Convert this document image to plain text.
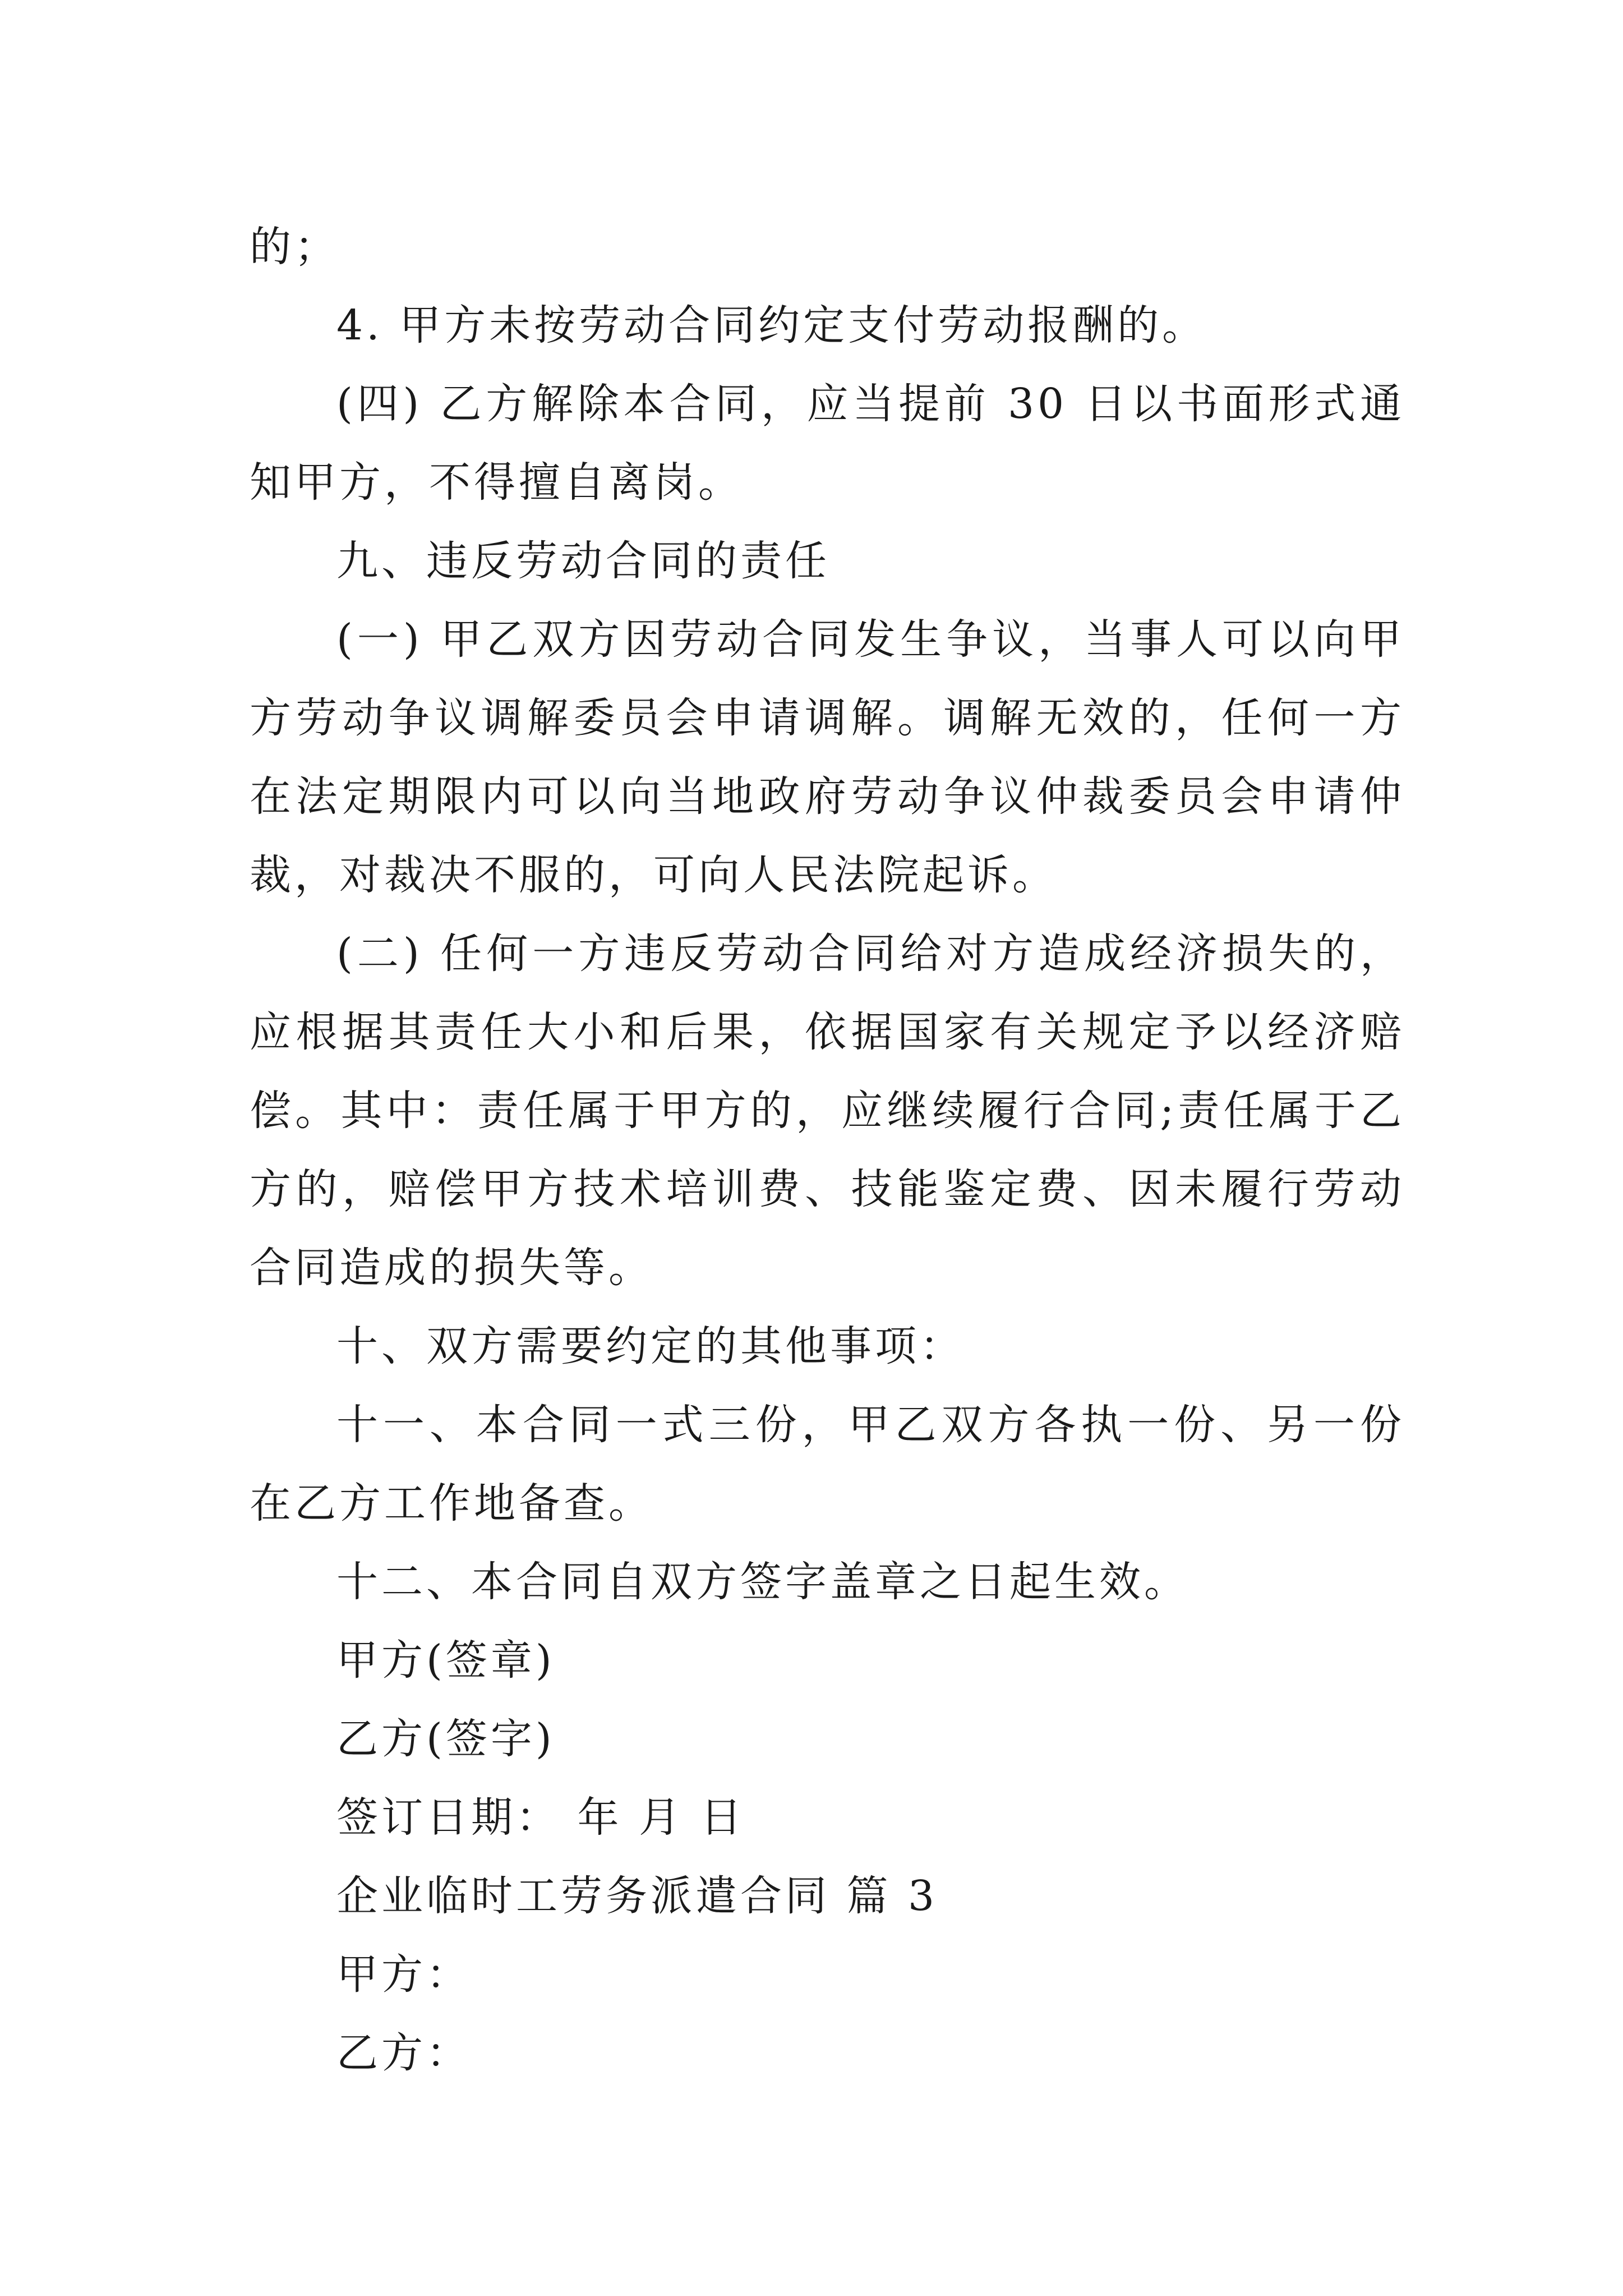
的；

4. 甲方未按劳动合同约定支付劳动报酬的。

(四) 乙方解除本合同，应当提前 30 日以书面形式通知甲方，不得擅自离岗。

九、违反劳动合同的责任

(一) 甲乙双方因劳动合同发生争议，当事人可以向甲方劳动争议调解委员会申请调解。调解无效的，任何一方在法定期限内可以向当地政府劳动争议仲裁委员会申请仲裁，对裁决不服的，可向人民法院起诉。

(二) 任何一方违反劳动合同给对方造成经济损失的，应根据其责任大小和后果，依据国家有关规定予以经济赔偿。其中：责任属于甲方的，应继续履行合同;责任属于乙方的，赔偿甲方技术培训费、技能鉴定费、因未履行劳动合同造成的损失等。

十、双方需要约定的其他事项：

十一、本合同一式三份，甲乙双方各执一份、另一份在乙方工作地备查。

十二、本合同自双方签字盖章之日起生效。

甲方(签章)

乙方(签字)

签订日期： 年 月 日

企业临时工劳务派遣合同 篇 3

甲方：

乙方：
